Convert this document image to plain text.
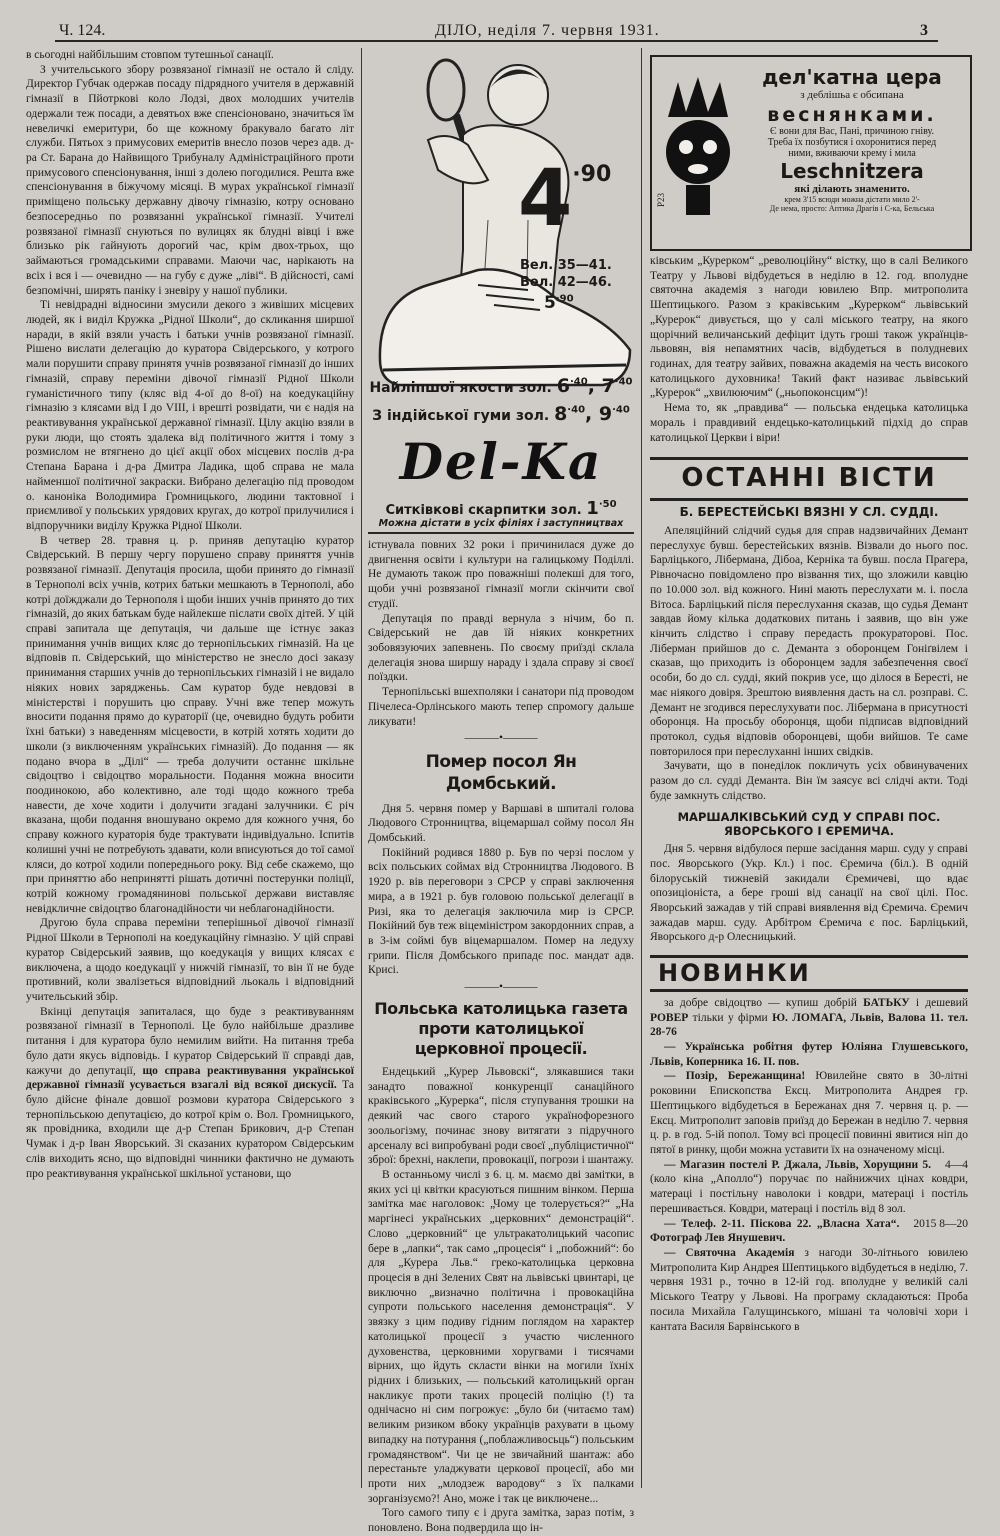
Ч. 124.	ДІЛО, неділя 7. червня 1931.	3

в сьогодні найбільшим стовпом тутешньої санації.

З учительського збору розвязаної гімназії не остало й сліду. Директор Губчак одержав посаду підрядного учителя в державній гімназії в Пйотркові коло Лодзі, двох молодших учителів одержали теж посади, а девятьох вже спенсіоновано, значиться їм невеличкі емеритури, бо ще кожному бракувало багато літ служби. Пятьох з примусових емеритів внесло позов через адв. д-ра Ст. Барана до Найвищого Трибуналу Адміністраційного проти примусового спенсіонування, інші з долею погодилися. Решта вже спенсіонування в біжучому місяці. В мурах української гімназії приміщено польську державну дівочу гімназію, котру основано безпосередньо по розвязанні української гімназії. Учителі розвязаної гімназії снуються по вулицях як блудні вівці і вже близько рік гайнують дорогий час, крім двох-трьох, що займаються громадськими справами. Маючи час, нарікають на всіх і вся і — очевидно — на губу є дуже „ліві“. В дійсності, самі безпомічні, ширять паніку і зневіру у нашої публики.

Ті невідрадні відносини змусили декого з живіших місцевих людей, як і виділ Кружка „Рідної Школи“, до скликання ширшої наради, в якій взяли участь і батьки учнів розвязаної гімназії. Рішено вислати делегацію до куратора Свідерського, у котрого мали порушити справу принятя учнів розвязаної гімназії до інших гімназій, справу переміни дівочої гімназії Рідної Школи гуманістичного типу (кляс від 4-ої до 8-ої) на коедукаційну гімназію з клясами від І до VIII, і врешті розвідати, чи є надія на реактивування української державної гімназії. Цілу акцію взяли в руки люди, що стоять здалека від політичного життя і тому з розмислом не втягнено до цієї акції обох місцевих послів д-ра Степана Барана і д-ра Дмитра Ладика, щоб справа не мала найменшої політичної закраски. Вибрано делегацію під проводом о. каноніка Володимира Громницького, людини тактовної і приємливої у польських урядових кругах, до котрої прилучилися і відпоручники виділу Кружка Рідної Школи.

В четвер 28. травня ц. р. приняв депутацію куратор Свідерський. В першу чергу порушено справу приняття учнів розвязаної гімназії. Депутація просила, щоби принято до гімназії в Тернополі всіх учнів, котрих батьки мешкають в Тернополі, або котрі доїжджали до Тернополя і щоби інших учнів принято до тих гімназій, до яких батькам буде найлекше післати своїх дітей. У цій справі запитала ще депутація, чи дальше ще істнує заказ принимання учнів вищих кляс до тернопільських гімназій. На це відповів п. Свідерський, що міністерство не знесло досі заказу принимання старших учнів до тернопільських гімназій і не видало ніяких нових зарядженьь. Сам куратор буде невдовзі в міністерстві і порушить цю справу. Учні вже тепер можуть вносити подання прямо до кураторії (це, очевидно будуть робити їхні батьки) з наведенням місцевости, в котрій хотять ходити до школи (з виключенням українських гімназій). До подання — як подано вчора в „Ділі“ — треба долучити останнє шкільне свідоцтво і свідоцтво моральности. Подання можна вносити поодинокою, або колективно, але тоді щодо кожного треба навести, де хоче ходити і долучити згадані залучники. Є річ вказана, щоби подання вношувано окремо для кожного учня, бо справу кожного кураторія буде трактувати індивідуально. Іспитів колишні учні не потребують здавати, коли вписуються до тої самої кляси, до котрої ходили попереднього року. Від себе скажемо, що при приняттю або непринятті рішать дотичні постерунки поліції, котрій кожному громадянинові польської держави виставляє невідкличне свідоцтво благонадійности чи неблагонадійности.

Другою була справа переміни теперішньої дівочої гімназії Рідної Школи в Тернополі на коедукаційну гімназію. У цій справі куратор Свідерський заявив, що коедукація у вищих клясах є виключена, а щодо коедукації у нижчій гімназії, то він її не буде противний, коли звалізеться відповідний льокаль і відповідний учительський збір.

Вкінці депутація запиталася, що буде з реактивуванням розвязаної гімназії в Тернополі. Це було найбільше дразливе питання і для куратора було немилим вийти. На питання треба було дати якусь відповідь. І куратор Свідерський її справді дав, кажучи до депутації, що справа реактивування української державної гімназії усувається взагалі від всякої дискусії. Та було дійсне фінале довшої розмови куратора Свідерського з тернопільською депутацією, до котрої крім о. Вол. Громницького, як провідника, входили ще д-р Степан Брикович, д-р Степан Чумак і д-р Іван Яворський. Зі сказаних куратором Свідерським слів виходить ясно, що відповідні чинники фактично не думають про реактивування української шкільної установи, що

$4^{\cdot 90}$
Вел. 35—41.
Вел. 42—46.
$5^{\cdot 90}$
Найліпшої якости зол. $6^{\cdot 40}$, $7^{\cdot 40}$
З індійської гуми зол. $8^{\cdot 40}$, $9^{\cdot 40}$
Del-Ka
Ситківкові скарпитки зол. $1^{\cdot 50}$
Можна дістати в усіх філіях і заступництвах

істнувала повних 32 роки і причинилася дуже до двигнення освіти і культури на галицькому Поділлі. Не думають також про поважніші полекші для того, щоби учні розвязаної гімназії могли скінчити свої студії.

Депутація по правді вернула з нічим, бо п. Свідерський не дав їй ніяких конкретних зобовязуючих запевнень. По своєму приїзді склала делегація знова ширшу нараду і здала справу зі своєї поїздки.

Тернопільські вшехполяки і санатори під проводом Пічелеса-Орлінського мають тепер спромогу дальше ликувати!

———•———
Помер посол Ян Домбський.

Дня 5. червня помер у Варшаві в шпиталі голова Людового Стронництва, віцемаршал сойму посол Ян Домбський.

Покійний родився 1880 р. Був по черзі послом у всіх польських соймах від Стронництва Людового. В 1920 р. вів переговори з СРСР у справі заключення мира, а в 1921 р. був головою польської делегації в Ризі, яка то делегація заключила мир із СРСР. Покійний був теж віцеміністром закордонних справ, а в 3-ім соймі був віцемаршалом. Помер на ледуху грипи. Після Домбського припадє пос. мандат адв. Крисі.

———•———
Польська католицька газета проти католицької
церковної процесії.

Ендецький „Курер Львовскі“, злякавшися таки занадто поважної конкуренції санаційного краківського „Курерка“, після ступування трошки на деякий час свого старого українофорезного зоольогізму, починає знову витягати з підручного арсеналу всі випробувані роди своєї „публіцистичної“ зброї: брехні, наклепи, провокації, погрози і шантажу.

В останньому числі з 6. ц. м. маємо дві замітки, в яких усі ці квітки красуються пишним вінком. Перша замітка має наголовок: „Чому це толерується?“ „На маргінесі українських „церковних“ демонстрацій“. Слово „церковний“ це ультракатолицький часопис бере в „лапки“, так само „процесія“ і „побожний“: бо для „Курера Льв.“ греко-католицька церковна процесія в дні Зелених Свят на львівські цвинтарі, це виключно „визначно політична і провокаційна супроти польського населення демонстрація“. У звязку з цим подиву гідним поглядом на характер католицької процесії з участю численного духовенства, церковними хоругвами і тисячами вірних, що йдуть скласти вінки на могили їхніх рідних і близьких, — польський католицький орган накликує проти таких процесій поліцію (!) та однічасно ні сим погрожує: „було би (читаємо там) великим ризиком вбоку українців рахувати в цьому випадку на потурання („поблажливосьць“) польським громадянством“. Чи це не звичайний шантаж: або перестаньте уладжувати церкової процесії, або ми проти них „млодзеж вародову“ з їх палками зорганізуємо?! Ано, може і так це виключене...

Того самого типу є і друга замітка, зараз потім, з поновлено. Вона подвердила що ін-

P23
дел'катна цера
з деблішьа є обсипана
веснянками.
Є вони для Вас, Пані, причиною гніву.
Треба їх позбутися і охоронитися перед
ними, вживаючи крему і мила
Leschnitzera
які ділають знаменито.
крем 3'15 всюди можна дістати мило 2'-
Де нема, просто: Аптика Драгів і С-ка, Бельська

ківським „Курерком“ „революційну“ вістку, що в салі Великого Театру у Львові відбудеться в неділю в 12. год. вполудне святочна академія з нагоди ювилею Впр. митрополита Шептицького. Разом з краківським „Курерком“ львівський „Курерок“ дивується, що у салі міського театру, на якого щорічний величанський дефіцит ідуть гроші також українців-львовян, вія непамятних часів, відбудеться в полудневих годинах, для театру зайвих, поважна академія на честь високого католицького духовника! Такий факт називає львівський „Курерок“ „хвилюючим“ („ньопоконсцим“)!

Нема то, як „правдива“ — польська ендецька католицька мораль і правдивий ендецько-католицький підхід до справ католицької Церкви і віри!

ОСТАННІ ВІСТИ
Б. БЕРЕСТЕЙСЬКІ ВЯЗНІ У СЛ. СУДДІ.

Апеляційний слідчий судья для справ надзвичайних Демант переслухує бувш. берестейських вязнів. Візвали до нього пос. Барліцького, Лібермана, Дібоа, Керніка та бувш. посла Прагера, Рівночасно повідомлено про візвання тих, що зложили кавцію по 10.000 зол. від кожного. Нині мають переслухати м. і. посла Вітоса. Барліцький після переслухання сказав, що судья Демант завдав йому кілька додаткових питань і заявив, що він уже кінчить слідство і справу передасть прокураторові. Пос. Ліберман прийшов до с. Деманта з оборонцем Гоніґвілем і сказав, що приходить із оборонцем задля забезпечення своєї особи, бо до сл. судді, який покрив усе, що ділося в Бересті, не має ніякого довіря. Зрештою виявлення дасть на сл. розправі. С. Демант не згодився переслухувати пос. Лібермана в присутності оборонця. На просьбу оборонця, щоби підписав відповідний протокол, судья відповів оборонцеві, щоби вийшов. Те саме повторилося при переслуханні інших свідків.

Зачувати, що в понеділок покличуть усіх обвинувачених разом до сл. судді Деманта. Він їм заясує всі слідчі акти. Тоді буде замкнуть слідство.

МАРШАЛКІВСЬКИЙ СУД У СПРАВІ ПОС.
ЯВОРСЬКОГО І ЄРЕМИЧА.

Дня 5. червня відбулося перше засідання марш. суду у справі пос. Яворського (Укр. Кл.) і пос. Єремича (біл.). В одній білоруській тижневій закидали Єремичеві, що вдає опозиціоніста, а бере гроші від санації на свої цілі. Пос. Яворський зажадав у тій справі виявлення від Єремича. Єремич зажадав марш. суду. Арбітром Єремича є пос. Барліцький, Яворського д-р Олесницький.

НОВИНКИ

за добре свідоцтво — купиш добрій БАТЬКУ і дешевий РОВЕР тільки у фірми Ю. ЛОМАГА, Львів, Валова 11. тел. 28-76

— Українська робітня футер Юліяна Глушевського, Львів, Коперника 16. II. пов.

— Позір, Бережанщина! Ювилейне свято в 30-літні роковини Епископства Ексц. Митрополита Андрея гр. Шептицького відбудеться в Бережанах дня 7. червня ц. р. — Ексц. Митрополит заповів приїзд до Бережан в неділю 7. червня ц. р. в год. 5-ій попол. Тому всі процесії повинні явитися ніп до пятої в ринку, щоби можна уставити їх на означеному місці.
4—4

— Магазин постелі Р. Джала, Львів, Хорущини 5. (коло кіна „Аполло“) поручає по найнижчих цінах ковдри, матераці і постільну наволоки і ковдри, матераці і постіль перешивається. Ковдри, матераці і постіль від 8 зол.
2015 8—20

— Телеф. 2-11. Піскова 22. „Власна Хата“. Фотограф Лев Янушевич.

— Святочна Академія з нагоди 30-літнього ювилею Митрополита Кир Андрея Шептицького відбудеться в неділю, 7. червня 1931 р., точно в 12-ій год. вполудне у великій салі Міського Театру у Львові. На програму складаються: Проба посила Михайла Галущинського, мішані та чоловічі хори і кантата Василя Барвінського в
